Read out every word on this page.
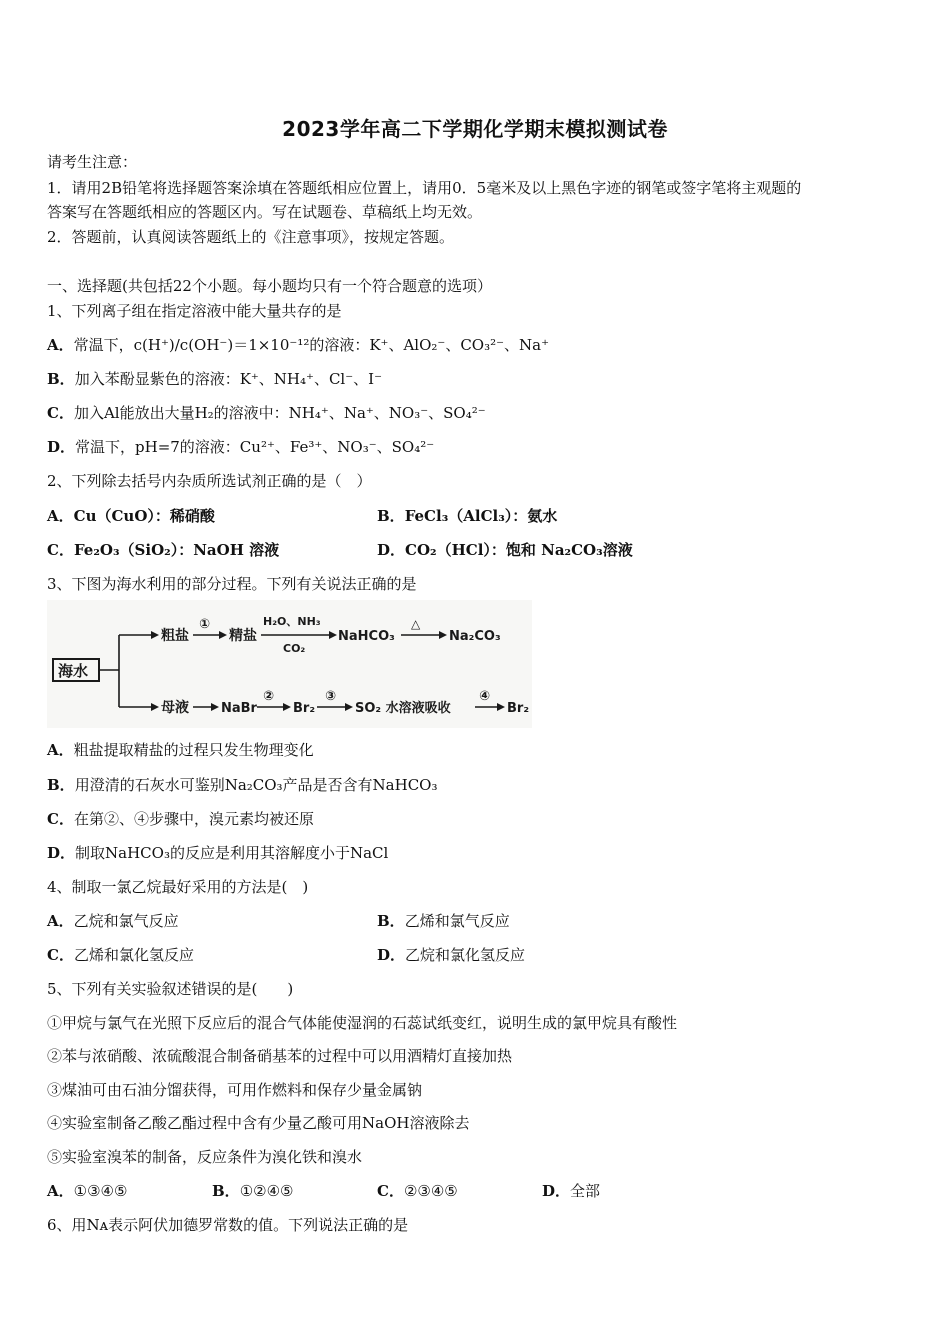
2023学年高二下学期化学期末模拟测试卷
请考生注意：
1．请用2B铅笔将选择题答案涂填在答题纸相应位置上，请用0．5毫米及以上黑色字迹的钢笔或签字笔将主观题的
答案写在答题纸相应的答题区内。写在试题卷、草稿纸上均无效。
2．答题前，认真阅读答题纸上的《注意事项》，按规定答题。
一、选择题(共包括22个小题。每小题均只有一个符合题意的选项）
1、下列离子组在指定溶液中能大量共存的是
A．常温下，c(H⁺)/c(OH⁻)＝1×10⁻¹²的溶液：K⁺、AlO₂⁻、CO₃²⁻、Na⁺
B．加入苯酚显紫色的溶液：K⁺、NH₄⁺、Cl⁻、I⁻
C．加入Al能放出大量H₂的溶液中：NH₄⁺、Na⁺、NO₃⁻、SO₄²⁻
D．常温下，pH=7的溶液：Cu²⁺、Fe³⁺、NO₃⁻、SO₄²⁻
2、下列除去括号内杂质所选试剂正确的是（　）
A．Cu（CuO）：稀硝酸	B．FeCl₃（AlCl₃）：氨水
C．Fe₂O₃（SiO₂）：NaOH 溶液	D．CO₂（HCl）：饱和 Na₂CO₃溶液
3、下图为海水利用的部分过程。下列有关说法正确的是
海水
粗盐
①
精盐
H₂O、NH₃
CO₂
NaHCO₃
△
Na₂CO₃
母液 NaBr
②
Br₂
③
SO₂ 水溶液吸收
④
Br₂
A．粗盐提取精盐的过程只发生物理变化
B．用澄清的石灰水可鉴别Na₂CO₃产品是否含有NaHCO₃
C．在第②、④步骤中，溴元素均被还原
D．制取NaHCO₃的反应是利用其溶解度小于NaCl
4、制取一氯乙烷最好采用的方法是(　)
A．乙烷和氯气反应	B．乙烯和氯气反应
C．乙烯和氯化氢反应	D．乙烷和氯化氢反应
5、下列有关实验叙述错误的是(　　)
①甲烷与氯气在光照下反应后的混合气体能使湿润的石蕊试纸变红，说明生成的氯甲烷具有酸性
②苯与浓硝酸、浓硫酸混合制备硝基苯的过程中可以用酒精灯直接加热
③煤油可由石油分馏获得，可用作燃料和保存少量金属钠
④实验室制备乙酸乙酯过程中含有少量乙酸可用NaOH溶液除去
⑤实验室溴苯的制备，反应条件为溴化铁和溴水
A．①③④⑤	B．①②④⑤	C．②③④⑤	D．全部
6、用Nᴀ表示阿伏加德罗常数的值。下列说法正确的是
